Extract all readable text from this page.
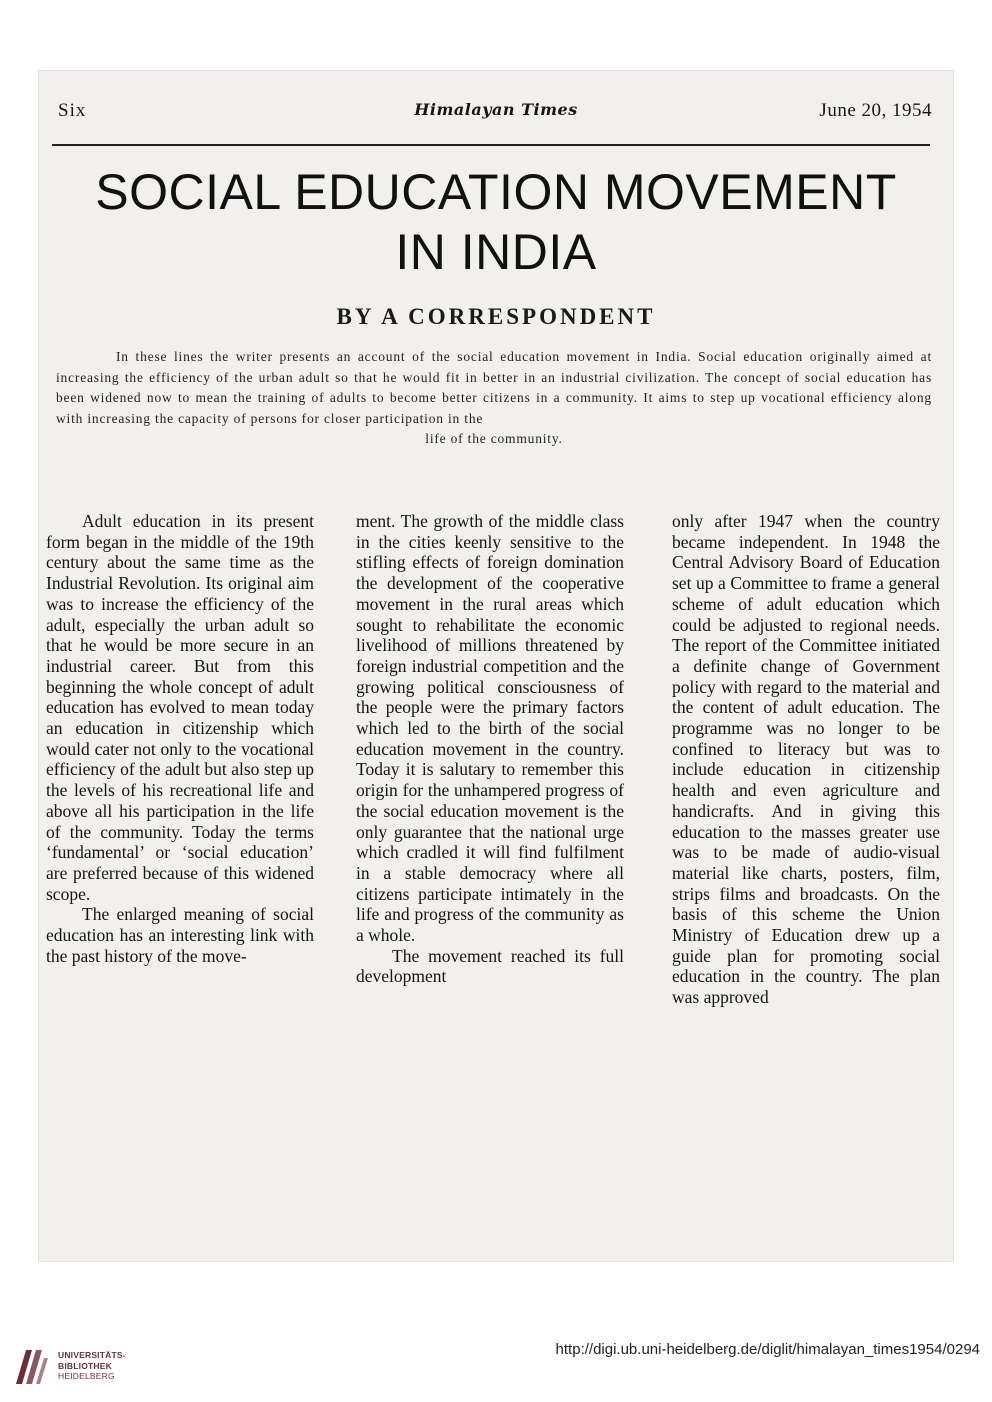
Six	Himalayan Times	June 20, 1954
SOCIAL EDUCATION MOVEMENT
IN INDIA
BY A CORRESPONDENT
In these lines the writer presents an account of the social education movement in India. Social education originally aimed at increasing the efficiency of the urban adult so that he would fit in better in an industrial civilization. The concept of social education has been widened now to mean the training of adults to become better citizens in a community. It aims to step up vocational efficiency along with increasing the capacity of persons for closer participation in the
life of the community.

Adult education in its present form began in the middle of the 19th century about the same time as the Industrial Revolution. Its original aim was to increase the efficiency of the adult, especially the urban adult so that he would be more secure in an industrial career. But from this beginning the whole concept of adult education has evolved to mean today an education in citizenship which would cater not only to the vocational efficiency of the adult but also step up the levels of his recreational life and above all his participation in the life of the community. Today the terms ‘fundamental’ or ‘social education’ are preferred because of this widened scope.

The enlarged meaning of social education has an interesting link with the past history of the move-

ment. The growth of the middle class in the cities keenly sensitive to the stifling effects of foreign domination the development of the cooperative movement in the rural areas which sought to rehabilitate the economic livelihood of millions threatened by foreign industrial competition and the growing political consciousness of the people were the primary factors which led to the birth of the social education movement in the country. Today it is salutary to remember this origin for the unhampered progress of the social education movement is the only guarantee that the national urge which cradled it will find fulfilment in a stable democracy where all citizens participate intimately in the life and progress of the community as a whole.

The movement reached its full development

only after 1947 when the country became independent. In 1948 the Central Advisory Board of Education set up a Committee to frame a general scheme of adult education which could be adjusted to regional needs. The report of the Committee initiated a definite change of Government policy with regard to the material and the content of adult education. The programme was no longer to be confined to literacy but was to include education in citizenship health and even agriculture and handicrafts. And in giving this education to the masses greater use was to be made of audio-visual material like charts, posters, film, strips films and broadcasts. On the basis of this scheme the Union Ministry of Education drew up a guide plan for promoting social education in the country. The plan was approved

UNIVERSITÄTS-
BIBLIOTHEK
HEIDELBERG
http://digi.ub.uni-heidelberg.de/diglit/himalayan_times1954/0294
